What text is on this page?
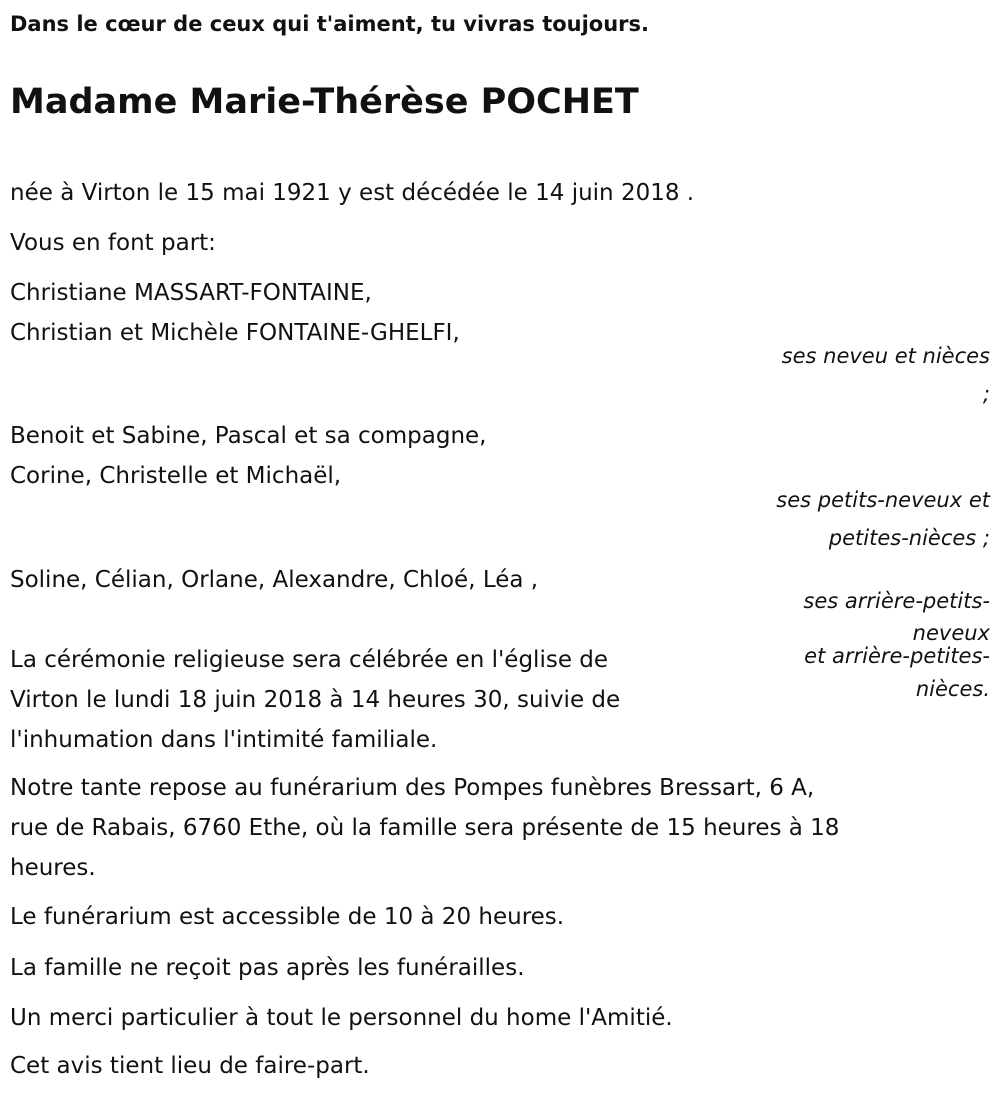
Dans le cœur de ceux qui t'aiment, tu vivras toujours.

Madame Marie-Thérèse POCHET

née à Virton le 15 mai 1921 y est décédée le 14 juin 2018 .

Vous en font part:

Christiane MASSART-FONTAINE,
Christian et Michèle FONTAINE-GHELFI,
ses neveu et nièces
;
Benoit et Sabine, Pascal et sa compagne,
Corine, Christelle et Michaël,
ses petits-neveux et
petites-nièces ;
Soline, Célian, Orlane, Alexandre, Chloé, Léa ,
ses arrière-petits-
neveux
et arrière-petites-
nièces.
La cérémonie religieuse sera célébrée en l'église de
Virton le lundi 18 juin 2018 à 14 heures 30, suivie de
l'inhumation dans l'intimité familiale.
Notre tante repose au funérarium des Pompes funèbres Bressart, 6 A,
rue de Rabais, 6760 Ethe, où la famille sera présente de 15 heures à 18
heures.

Le funérarium est accessible de 10 à 20 heures.

La famille ne reçoit pas après les funérailles.

Un merci particulier à tout le personnel du home l'Amitié.

Cet avis tient lieu de faire-part.
